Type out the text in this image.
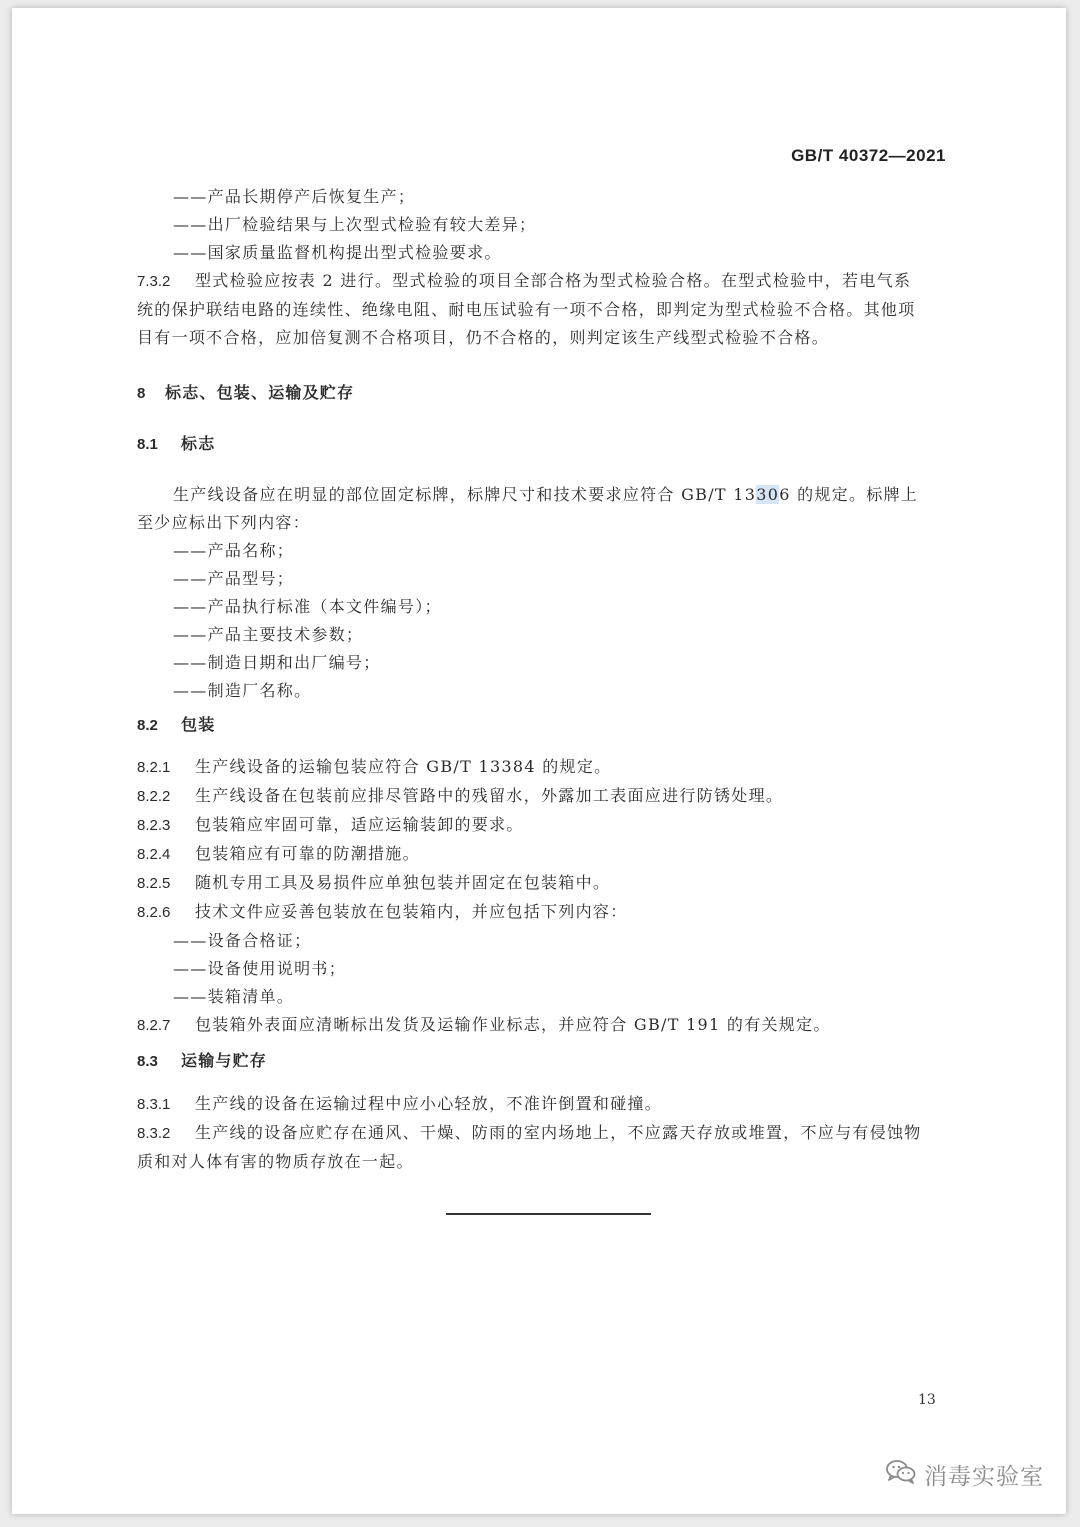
GB/T 40372—2021
——产品长期停产后恢复生产；
——出厂检验结果与上次型式检验有较大差异；
——国家质量监督机构提出型式检验要求。
7.3.2 型式检验应按表 2 进行。型式检验的项目全部合格为型式检验合格。在型式检验中，若电气系
统的保护联结电路的连续性、绝缘电阻、耐电压试验有一项不合格，即判定为型式检验不合格。其他项
目有一项不合格，应加倍复测不合格项目，仍不合格的，则判定该生产线型式检验不合格。
8 标志、包装、运输及贮存
8.1 标志
生产线设备应在明显的部位固定标牌，标牌尺寸和技术要求应符合 GB/T 13306 的规定。标牌上
至少应标出下列内容：
——产品名称；
——产品型号；
——产品执行标准（本文件编号）；
——产品主要技术参数；
——制造日期和出厂编号；
——制造厂名称。
8.2 包装
8.2.1 生产线设备的运输包装应符合 GB/T 13384 的规定。
8.2.2 生产线设备在包装前应排尽管路中的残留水，外露加工表面应进行防锈处理。
8.2.3 包装箱应牢固可靠，适应运输装卸的要求。
8.2.4 包装箱应有可靠的防潮措施。
8.2.5 随机专用工具及易损件应单独包装并固定在包装箱中。
8.2.6 技术文件应妥善包装放在包装箱内，并应包括下列内容：
——设备合格证；
——设备使用说明书；
——装箱清单。
8.2.7 包装箱外表面应清晰标出发货及运输作业标志，并应符合 GB/T 191 的有关规定。
8.3 运输与贮存
8.3.1 生产线的设备在运输过程中应小心轻放，不准许倒置和碰撞。
8.3.2 生产线的设备应贮存在通风、干燥、防雨的室内场地上，不应露天存放或堆置，不应与有侵蚀物
质和对人体有害的物质存放在一起。
13
消毒实验室
